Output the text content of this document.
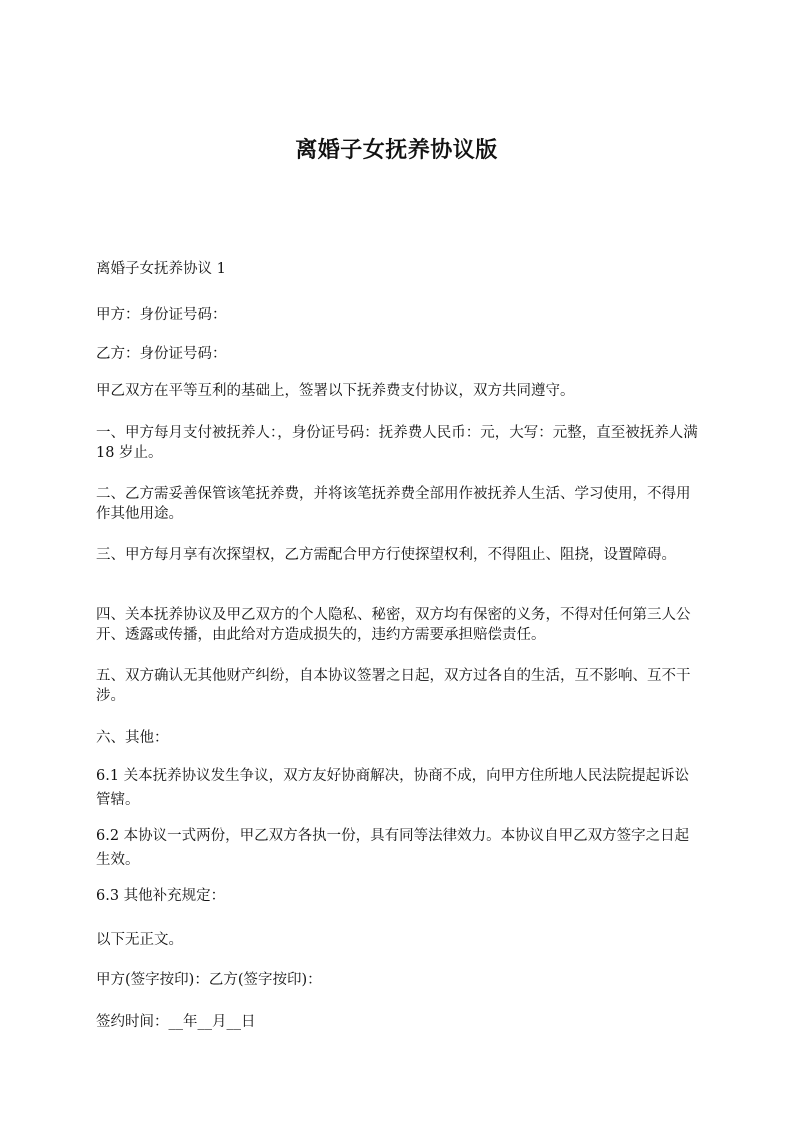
离婚子女抚养协议版
离婚子女抚养协议 1
甲方：身份证号码：
乙方：身份证号码：
甲乙双方在平等互利的基础上，签署以下抚养费支付协议，双方共同遵守。
一、甲方每月支付被抚养人：，身份证号码：抚养费人民币：元，大写：元整，直至被抚养人满 18 岁止。
二、乙方需妥善保管该笔抚养费，并将该笔抚养费全部用作被抚养人生活、学习使用，不得用作其他用途。
三、甲方每月享有次探望权，乙方需配合甲方行使探望权利，不得阻止、阻挠，设置障碍。
四、关本抚养协议及甲乙双方的个人隐私、秘密，双方均有保密的义务，不得对任何第三人公开、透露或传播，由此给对方造成损失的，违约方需要承担赔偿责任。
五、双方确认无其他财产纠纷，自本协议签署之日起，双方过各自的生活，互不影响、互不干涉。
六、其他：
6.1 关本抚养协议发生争议，双方友好协商解决，协商不成，向甲方住所地人民法院提起诉讼管辖。
6.2 本协议一式两份，甲乙双方各执一份，具有同等法律效力。本协议自甲乙双方签字之日起生效。
6.3 其他补充规定：
以下无正文。
甲方(签字按印)：乙方(签字按印)：
签约时间：__年__月__日
